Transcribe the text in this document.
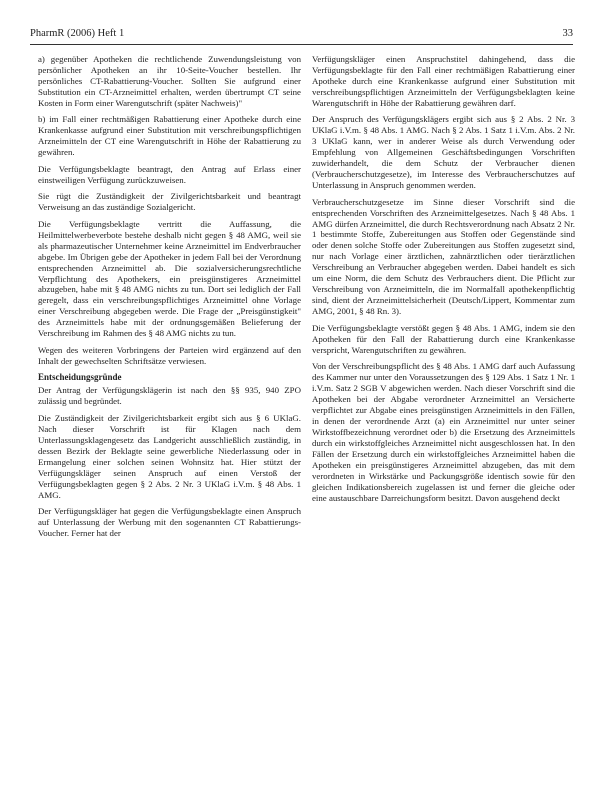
PharmR (2006) Heft 1	33

a) gegenüber Apotheken die rechtlichende Zuwendungsleistung von persönlicher Apotheken an ihr 10-Seite-Voucher bestellen. Ihr persönliches CT-Rabattierung-Voucher. Sollten Sie aufgrund einer Substitution ein CT-Arzneimittel erhalten, werden übertrumpt CT seine Kosten in Form einer Warengutschrift (später Nachweis)"

b) im Fall einer rechtmäßigen Rabattierung einer Apotheke durch eine Krankenkasse aufgrund einer Substitution mit verschreibungspflichtigen Arzneimitteln der CT eine Warengutschrift in Höhe der Rabattierung zu gewähren.

Die Verfügungsbeklagte beantragt, den Antrag auf Erlass einer einstweiligen Verfügung zurückzuweisen.

Sie rügt die Zuständigkeit der Zivilgerichtsbarkeit und beantragt Verweisung an das zuständige Sozialgericht.

Die Verfügungsbeklagte vertritt die Auffassung, die Heilmittelwerbeverbote bestehe deshalb nicht gegen § 48 AMG, weil sie als pharmazeutischer Unternehmer keine Arzneimittel im Endverbraucher abgebe. Im Übrigen gebe der Apotheker in jedem Fall bei der Verordnung entsprechenden Arzneimittel ab. Die sozialversicherungsrechtliche Verpflichtung des Apothekers, ein preisgünstigeres Arzneimittel abzugeben, habe mit § 48 AMG nichts zu tun. Dort sei lediglich der Fall geregelt, dass ein verschreibungspflichtiges Arzneimittel ohne Vorlage einer Verschreibung abgegeben werde. Die Frage der „Preisgünstigkeit" des Arzneimittels habe mit der ordnungsgemäßen Belieferung der Verschreibung im Rahmen des § 48 AMG nichts zu tun.

Wegen des weiteren Vorbringens der Parteien wird ergänzend auf den Inhalt der gewechselten Schriftsätze verwiesen.

Entscheidungsgründe

Der Antrag der Verfügungsklägerin ist nach den §§ 935, 940 ZPO zulässig und begründet.

Die Zuständigkeit der Zivilgerichtsbarkeit ergibt sich aus § 6 UKlaG. Nach dieser Vorschrift ist für Klagen nach dem Unterlassungsklagengesetz das Landgericht ausschließlich zuständig, in dessen Bezirk der Beklagte seine gewerbliche Niederlassung oder in Ermangelung einer solchen seinen Wohnsitz hat. Hier stützt der Verfügungskläger seinen Anspruch auf einen Verstoß der Verfügungsbeklagten gegen § 2 Abs. 2 Nr. 3 UKlaG i.V.m. § 48 Abs. 1 AMG.

Der Verfügungskläger hat gegen die Verfügungsbeklagte einen Anspruch auf Unterlassung der Werbung mit den sogenannten CT Rabattierungs-Voucher. Ferner hat der

Verfügungskläger einen Anspruchstitel dahingehend, dass die Verfügungsbeklagte für den Fall einer rechtmäßigen Rabattierung einer Apotheke durch eine Krankenkasse aufgrund einer Substitution mit verschreibungspflichtigen Arzneimitteln der Verfügungsbeklagten keine Warengutschrift in Höhe der Rabattierung gewähren darf.

Der Anspruch des Verfügungsklägers ergibt sich aus § 2 Abs. 2 Nr. 3 UKlaG i.V.m. § 48 Abs. 1 AMG. Nach § 2 Abs. 1 Satz 1 i.V.m. Abs. 2 Nr. 3 UKlaG kann, wer in anderer Weise als durch Verwendung oder Empfehlung von Allgemeinen Geschäftsbedingungen Vorschriften zuwiderhandelt, die dem Schutz der Verbraucher dienen (Verbraucherschutzgesetze), im Interesse des Verbraucherschutzes auf Unterlassung in Anspruch genommen werden.

Verbraucherschutzgesetze im Sinne dieser Vorschrift sind die entsprechenden Vorschriften des Arzneimittelgesetzes. Nach § 48 Abs. 1 AMG dürfen Arzneimittel, die durch Rechtsverordnung nach Absatz 2 Nr. 1 bestimmte Stoffe, Zubereitungen aus Stoffen oder Gegenstände sind oder denen solche Stoffe oder Zubereitungen aus Stoffen zugesetzt sind, nur nach Vorlage einer ärztlichen, zahnärztlichen oder tierärztlichen Verschreibung an Verbraucher abgegeben werden. Dabei handelt es sich um eine Norm, die dem Schutz des Verbrauchers dient. Die Pflicht zur Verschreibung von Arzneimitteln, die im Normalfall apothekenpflichtig sind, dient der Arzneimittelsicherheit (Deutsch/Lippert, Kommentar zum AMG, 2001, § 48 Rn. 3).

Die Verfügungsbeklagte verstößt gegen § 48 Abs. 1 AMG, indem sie den Apotheken für den Fall der Rabattierung durch eine Krankenkasse verspricht, Warengutschriften zu gewähren.

Von der Verschreibungspflicht des § 48 Abs. 1 AMG darf auch Aufassung des Kammer nur unter den Voraussetzungen des § 129 Abs. 1 Satz 1 Nr. 1 i.V.m. Satz 2 SGB V abgewichen werden. Nach dieser Vorschrift sind die Apotheken bei der Abgabe verordneter Arzneimittel an Versicherte verpflichtet zur Abgabe eines preisgünstigen Arzneimittels in den Fällen, in denen der verordnende Arzt (a) ein Arzneimittel nur unter seiner Wirkstoffbezeichnung verordnet oder b) die Ersetzung des Arzneimittels durch ein wirkstoffgleiches Arzneimittel nicht ausgeschlossen hat. In den Fällen der Ersetzung durch ein wirkstoffgleiches Arzneimittel haben die Apotheken ein preisgünstigeres Arzneimittel abzugeben, das mit dem verordneten in Wirkstärke und Packungsgröße identisch sowie für den gleichen Indikationsbereich zugelassen ist und ferner die gleiche oder eine austauschbare Darreichungsform besitzt. Davon ausgehend deckt
